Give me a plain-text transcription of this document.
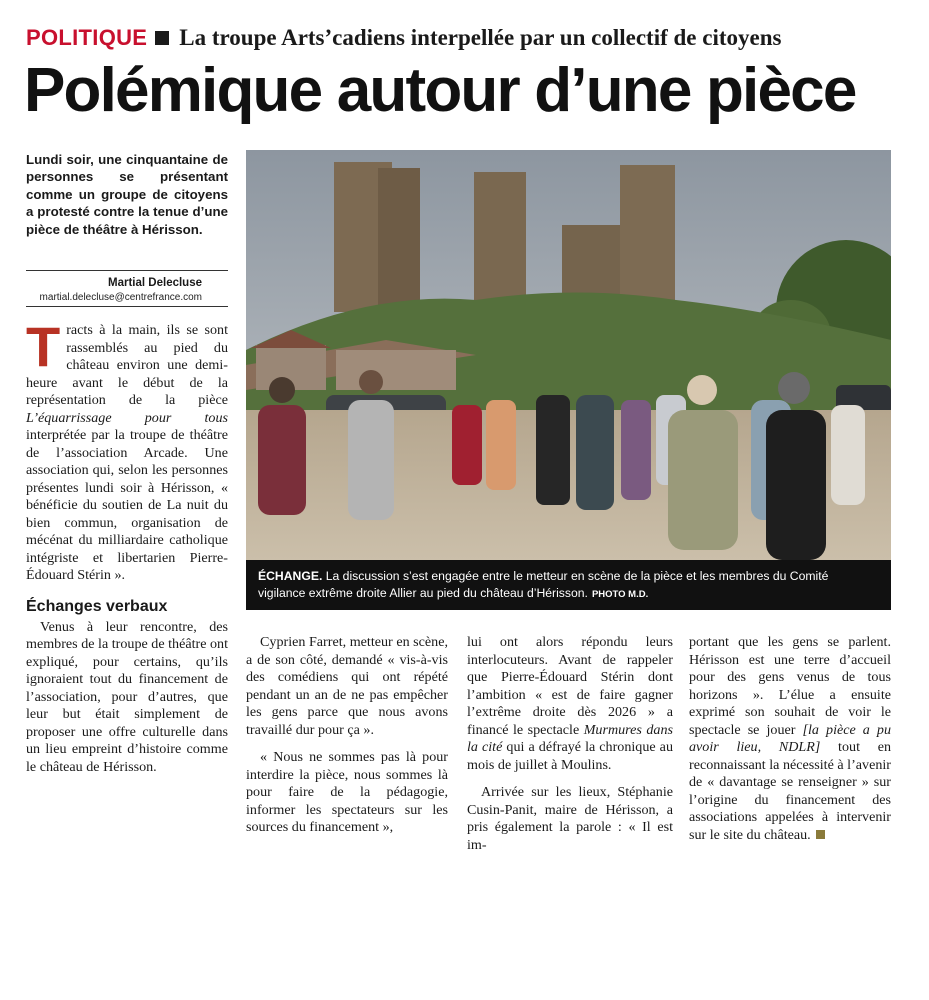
POLITIQUE La troupe Arts’cadiens interpellée par un collectif de citoyens
Polémique autour d’une pièce
Lundi soir, une cinquantaine de personnes se présentant comme un groupe de citoyens a protesté contre la tenue d’une pièce de théâtre à Hérisson.
Martial Delecluse
martial.delecluse@centrefrance.com

Tracts à la main, ils se sont rassemblés au pied du château environ une demi-heure avant le début de la représentation de la pièce L’équarrissage pour tous interprétée par la troupe de théâtre de l’association Arcade. Une association qui, selon les personnes présentes lundi soir à Hérisson, « bénéficie du soutien de La nuit du bien commun, organisation de mécénat du milliardaire catholique intégriste et libertarien Pierre-Édouard Stérin ».

Échanges verbaux

Venus à leur rencontre, des membres de la troupe de théâtre ont expliqué, pour certains, qu’ils ignoraient tout du financement de l’association, pour d’autres, que leur but était simplement de proposer une offre culturelle dans un lieu empreint d’histoire comme le château de Hérisson.

ÉCHANGE. La discussion s’est engagée entre le metteur en scène de la pièce et les membres du Comité vigilance extrême droite Allier au pied du château d’Hérisson. PHOTO M.D.

Cyprien Farret, metteur en scène, a de son côté, demandé « vis-à-vis des comédiens qui ont répété pendant un an de ne pas empêcher les gens parce que nous avons travaillé dur pour ça ».

« Nous ne sommes pas là pour interdire la pièce, nous sommes là pour faire de la pédagogie, informer les spectateurs sur les sources du financement »,

lui ont alors répondu leurs interlocuteurs. Avant de rappeler que Pierre-Édouard Stérin dont l’ambition « est de faire gagner l’extrême droite dès 2026 » a financé le spectacle Murmures dans la cité qui a défrayé la chronique au mois de juillet à Moulins.

Arrivée sur les lieux, Stéphanie Cusin-Panit, maire de Hérisson, a pris également la parole : « Il est im-

portant que les gens se parlent. Hérisson est une terre d’accueil pour des gens venus de tous horizons ». L’élue a ensuite exprimé son souhait de voir le spectacle se jouer [la pièce a pu avoir lieu, NDLR] tout en reconnaissant la nécessité à l’avenir de « davantage se renseigner » sur l’origine du financement des associations appelées à intervenir sur le site du château.
